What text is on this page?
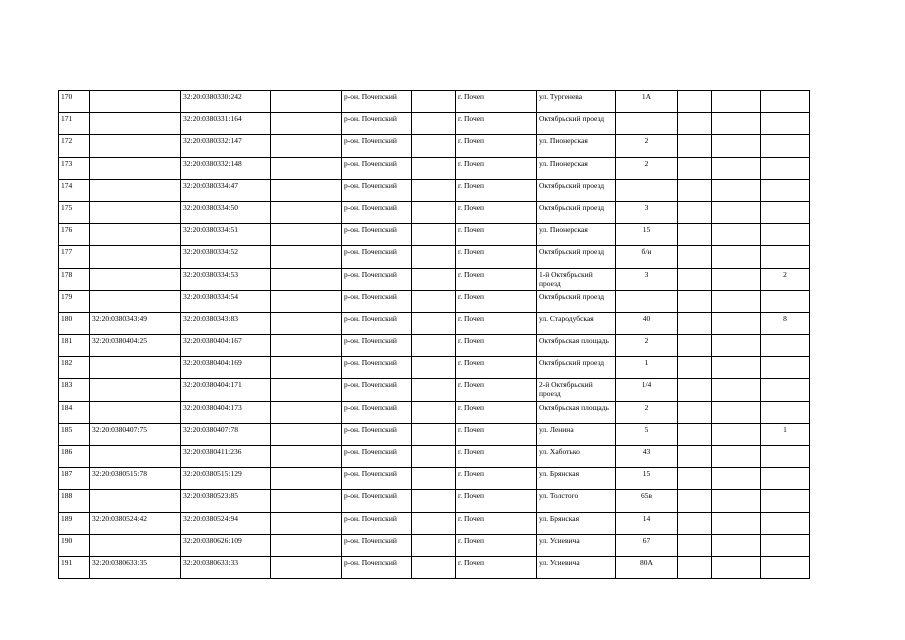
170		32:20:0380330:242		р-он. Почепский		г. Почеп	ул. Тургенева	1А			
171		32:20:0380331:164		р-он. Почепский		г. Почеп	Октябрьский проезд				
172		32:20:0380332:147		р-он. Почепский		г. Почеп	ул. Пионерская	2			
173		32:20:0380332:148		р-он. Почепский		г. Почеп	ул. Пионерская	2			
174		32:20:0380334:47		р-он. Почепский		г. Почеп	Октябрьский проезд				
175		32:20:0380334:50		р-он. Почепский		г. Почеп	Октябрьский проезд	3			
176		32:20:0380334:51		р-он. Почепский		г. Почеп	ул. Пионерская	15			
177		32:20:0380334:52		р-он. Почепский		г. Почеп	Октябрьский проезд	б/н			
178		32:20:0380334:53		р-он. Почепский		г. Почеп	1-й Октябрьский проезд	3			2
179		32:20:0380334:54		р-он. Почепский		г. Почеп	Октябрьский проезд				
180	32:20:0380343:49	32:20:0380343:83		р-он. Почепский		г. Почеп	ул. Стародубская	40			8
181	32:20:0380404:25	32:20:0380404:167		р-он. Почепский		г. Почеп	Октябрьская площадь	2			
182		32:20:0380404:169		р-он. Почепский		г. Почеп	Октябрьский проезд	1			
183		32:20:0380404:171		р-он. Почепский		г. Почеп	2-й Октябрьский проезд	1/4			
184		32:20:0380404:173		р-он. Почепский		г. Почеп	Октябрьская площадь	2			
185	32:20:0380407:75	32:20:0380407:78		р-он. Почепский		г. Почеп	ул. Ленина	5			1
186		32:20:0380411:236		р-он. Почепский		г. Почеп	ул. Хаботько	43			
187	32:20:0380515:78	32:20:0380515:129		р-он. Почепский		г. Почеп	ул. Брянская	15			
188		32:20:0380523:85		р-он. Почепский		г. Почеп	ул. Толстого	65в			
189	32:20:0380524:42	32:20:0380524:94		р-он. Почепский		г. Почеп	ул. Брянская	14			
190		32:20:0380626:109		р-он. Почепский		г. Почеп	ул. Усиевича	67			
191	32:20:0380633:35	32:20:0380633:33		р-он. Почепский		г. Почеп	ул. Усиевича	80А			
